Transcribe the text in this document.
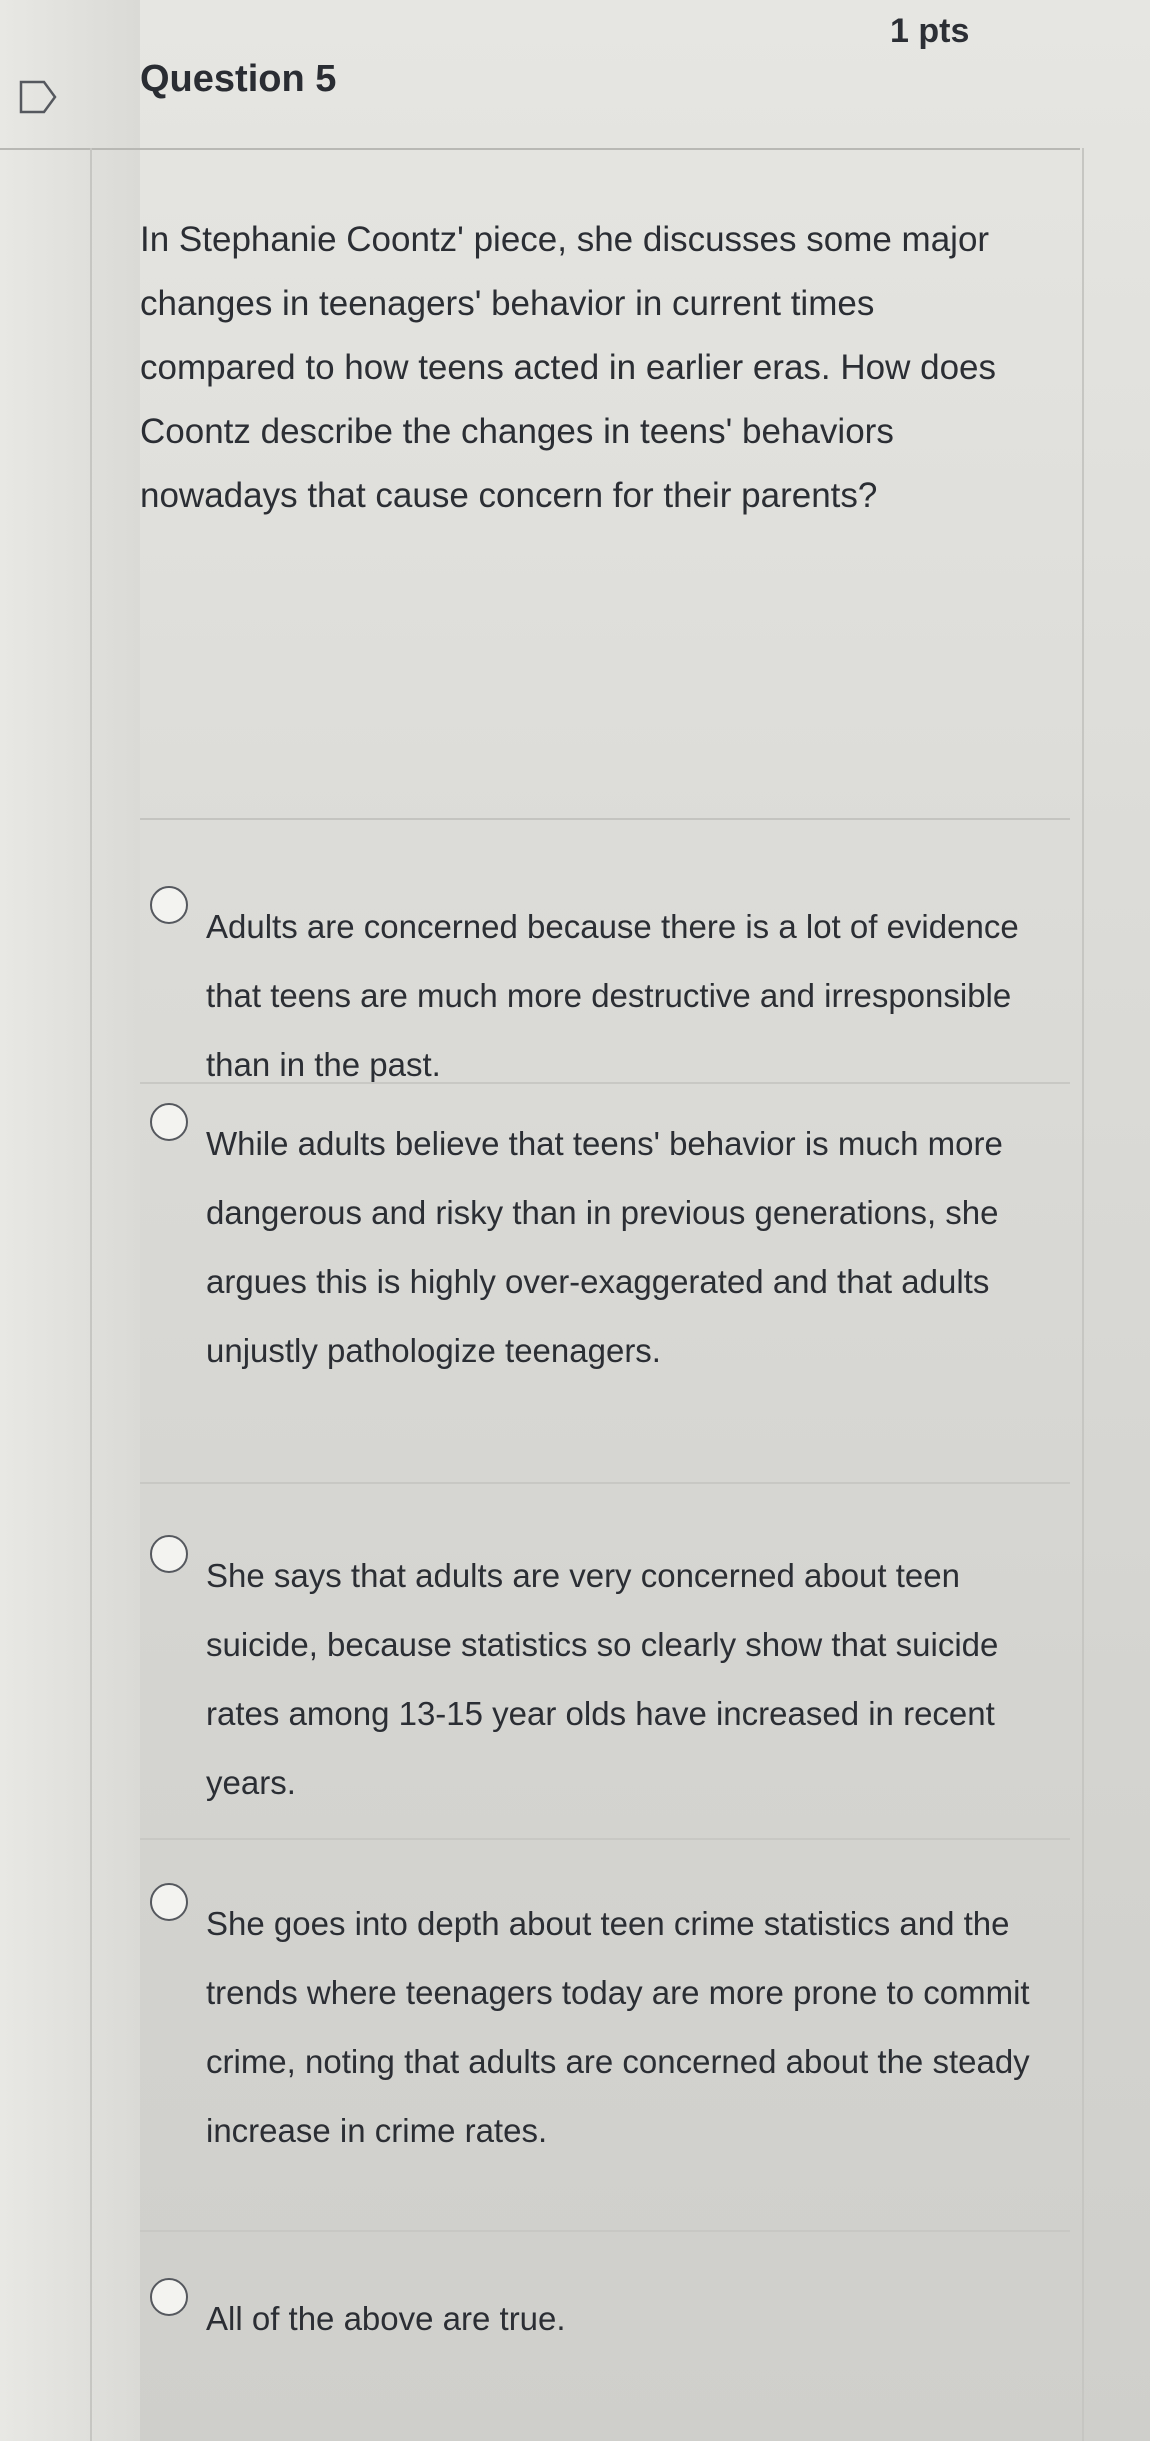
1 pts
Question 5
In Stephanie Coontz' piece, she discusses some major changes in teenagers' behavior in current times compared to how teens acted in earlier eras. How does Coontz describe the changes in teens' behaviors nowadays that cause concern for their parents?
Adults are concerned because there is a lot of evidence that teens are much more destructive and irresponsible than in the past.
While adults believe that teens' behavior is much more dangerous and risky than in previous generations, she argues this is highly over-exaggerated and that adults unjustly pathologize teenagers.
She says that adults are very concerned about teen suicide, because statistics so clearly show that suicide rates among 13-15 year olds have increased in recent years.
She goes into depth about teen crime statistics and the trends where teenagers today are more prone to commit crime, noting that adults are concerned about the steady increase in crime rates.
All of the above are true.
